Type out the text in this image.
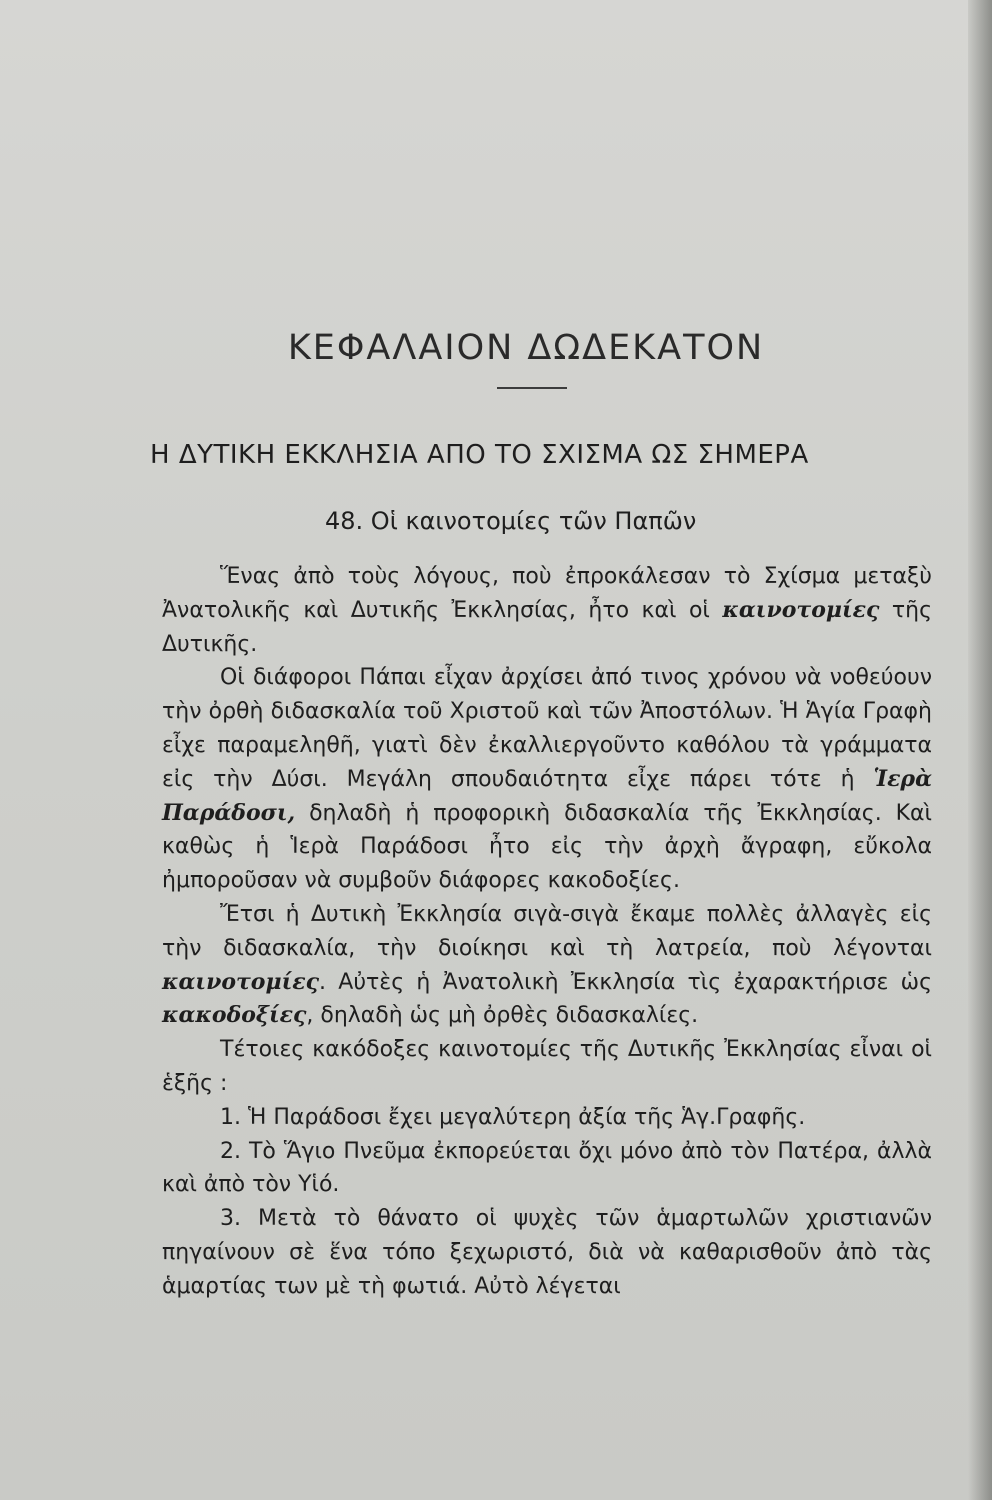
ΚΕΦΑΛΑΙΟΝ ΔΩΔΕΚΑΤΟΝ
Η ΔΥΤΙΚΗ ΕΚΚΛΗΣΙΑ ΑΠΟ ΤΟ ΣΧΙΣΜΑ ΩΣ ΣΗΜΕΡΑ
48. Οἱ καινοτομίες τῶν Παπῶν

Ἕνας ἀπὸ τοὺς λόγους, ποὺ ἐπροκάλεσαν τὸ Σχίσμα μεταξὺ Ἀνατολικῆς καὶ Δυτικῆς Ἐκκλησίας, ἦτο καὶ οἱ καινοτομίες τῆς Δυτικῆς.

Οἱ διάφοροι Πάπαι εἶχαν ἀρχίσει ἀπό τινος χρόνου νὰ νοθεύουν τὴν ὀρθὴ διδασκαλία τοῦ Χριστοῦ καὶ τῶν Ἀποστόλων. Ἡ Ἁγία Γραφὴ εἶχε παραμεληθῆ, γιατὶ δὲν ἐκαλλιεργοῦντο καθόλου τὰ γράμματα εἰς τὴν Δύσι. Μεγάλη σπουδαιότητα εἶχε πάρει τότε ἡ Ἱερὰ Παράδοσι, δηλαδὴ ἡ προφορικὴ διδασκαλία τῆς Ἐκκλησίας. Καὶ καθὼς ἡ Ἱερὰ Παράδοσι ἦτο εἰς τὴν ἀρχὴ ἄγραφη, εὔκολα ἠμποροῦσαν νὰ συμβοῦν διάφορες κακοδοξίες.

Ἔτσι ἡ Δυτικὴ Ἐκκλησία σιγὰ-σιγὰ ἔκαμε πολλὲς ἀλλαγὲς εἰς τὴν διδασκαλία, τὴν διοίκησι καὶ τὴ λατρεία, ποὺ λέγονται καινοτομίες. Αὐτὲς ἡ Ἀνατολικὴ Ἐκκλησία τὶς ἐχαρακτήρισε ὡς κακοδοξίες, δηλαδὴ ὡς μὴ ὀρθὲς διδασκαλίες.

Τέτοιες κακόδοξες καινοτομίες τῆς Δυτικῆς Ἐκκλησίας εἶναι οἱ ἑξῆς :

1. Ἡ Παράδοσι ἔχει μεγαλύτερη ἀξία τῆς Ἁγ.Γραφῆς.

2. Τὸ Ἅγιο Πνεῦμα ἐκπορεύεται ὄχι μόνο ἀπὸ τὸν Πατέρα, ἀλλὰ καὶ ἀπὸ τὸν Υἱό.

3. Μετὰ τὸ θάνατο οἱ ψυχὲς τῶν ἁμαρτωλῶν χριστιανῶν πηγαίνουν σὲ ἕνα τόπο ξεχωριστό, διὰ νὰ καθαρισθοῦν ἀπὸ τὰς ἁμαρτίας των μὲ τὴ φωτιά. Αὐτὸ λέγεται
